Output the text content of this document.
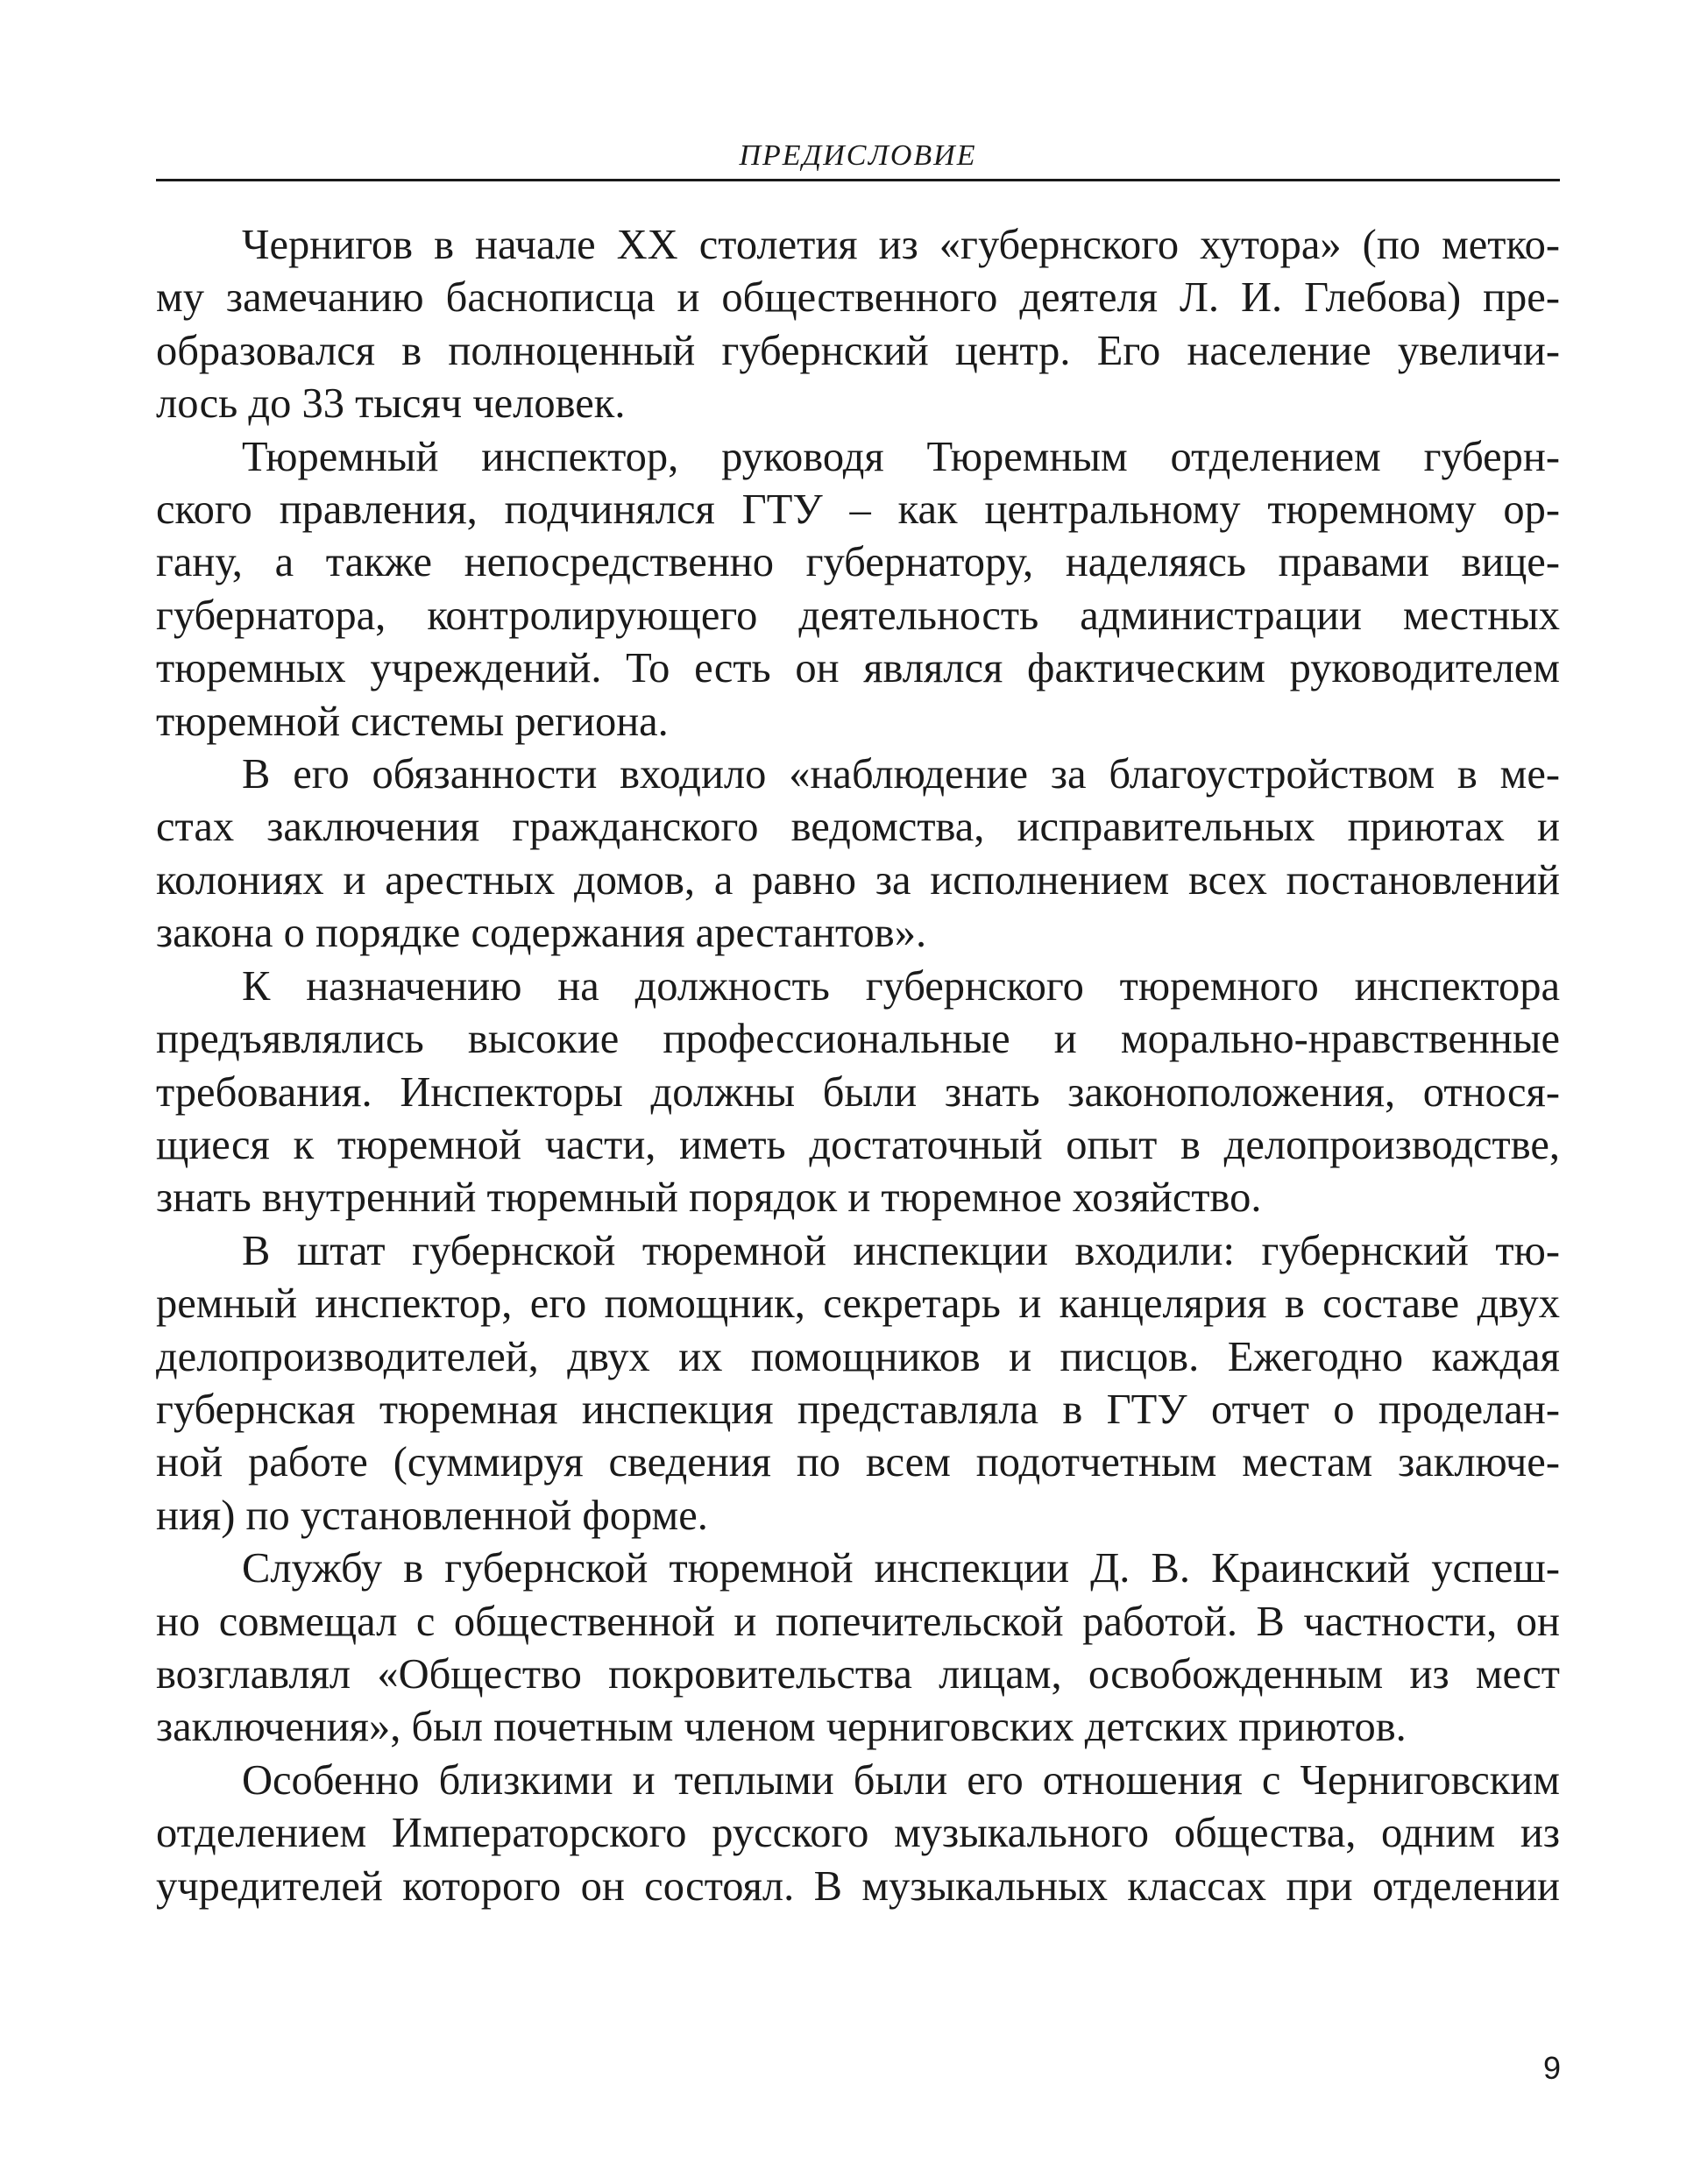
ПРЕДИСЛОВИЕ
Чернигов в начале XX столетия из «губернского хутора» (по метко-
му замечанию баснописца и общественного деятеля Л. И. Глебова) пре-
образовался в полноценный губернский центр. Его население увеличи-
лось до 33 тысяч человек.
Тюремный инспектор, руководя Тюремным отделением губерн-
ского правления, подчинялся ГТУ – как центральному тюремному ор-
гану, а также непосредственно губернатору, наделяясь правами вице-
губернатора, контролирующего деятельность администрации местных
тюремных учреждений. То есть он являлся фактическим руководителем
тюремной системы региона.
В его обязанности входило «наблюдение за благоустройством в ме-
стах заключения гражданского ведомства, исправительных приютах и
колониях и арестных домов, а равно за исполнением всех постановлений
закона о порядке содержания арестантов».
К назначению на должность губернского тюремного инспектора
предъявлялись высокие профессиональные и морально-нравственные
требования. Инспекторы должны были знать законоположения, относя-
щиеся к тюремной части, иметь достаточный опыт в делопроизводстве,
знать внутренний тюремный порядок и тюремное хозяйство.
В штат губернской тюремной инспекции входили: губернский тю-
ремный инспектор, его помощник, секретарь и канцелярия в составе двух
делопроизводителей, двух их помощников и писцов. Ежегодно каждая
губернская тюремная инспекция представляла в ГТУ отчет о проделан-
ной работе (суммируя сведения по всем подотчетным местам заключе-
ния) по установленной форме.
Службу в губернской тюремной инспекции Д. В. Краинский успеш-
но совмещал с общественной и попечительской работой. В частности, он
возглавлял «Общество покровительства лицам, освобожденным из мест
заключения», был почетным членом черниговских детских приютов.
Особенно близкими и теплыми были его отношения с Черниговским
отделением Императорского русского музыкального общества, одним из
учредителей которого он состоял. В музыкальных классах при отделении
9
